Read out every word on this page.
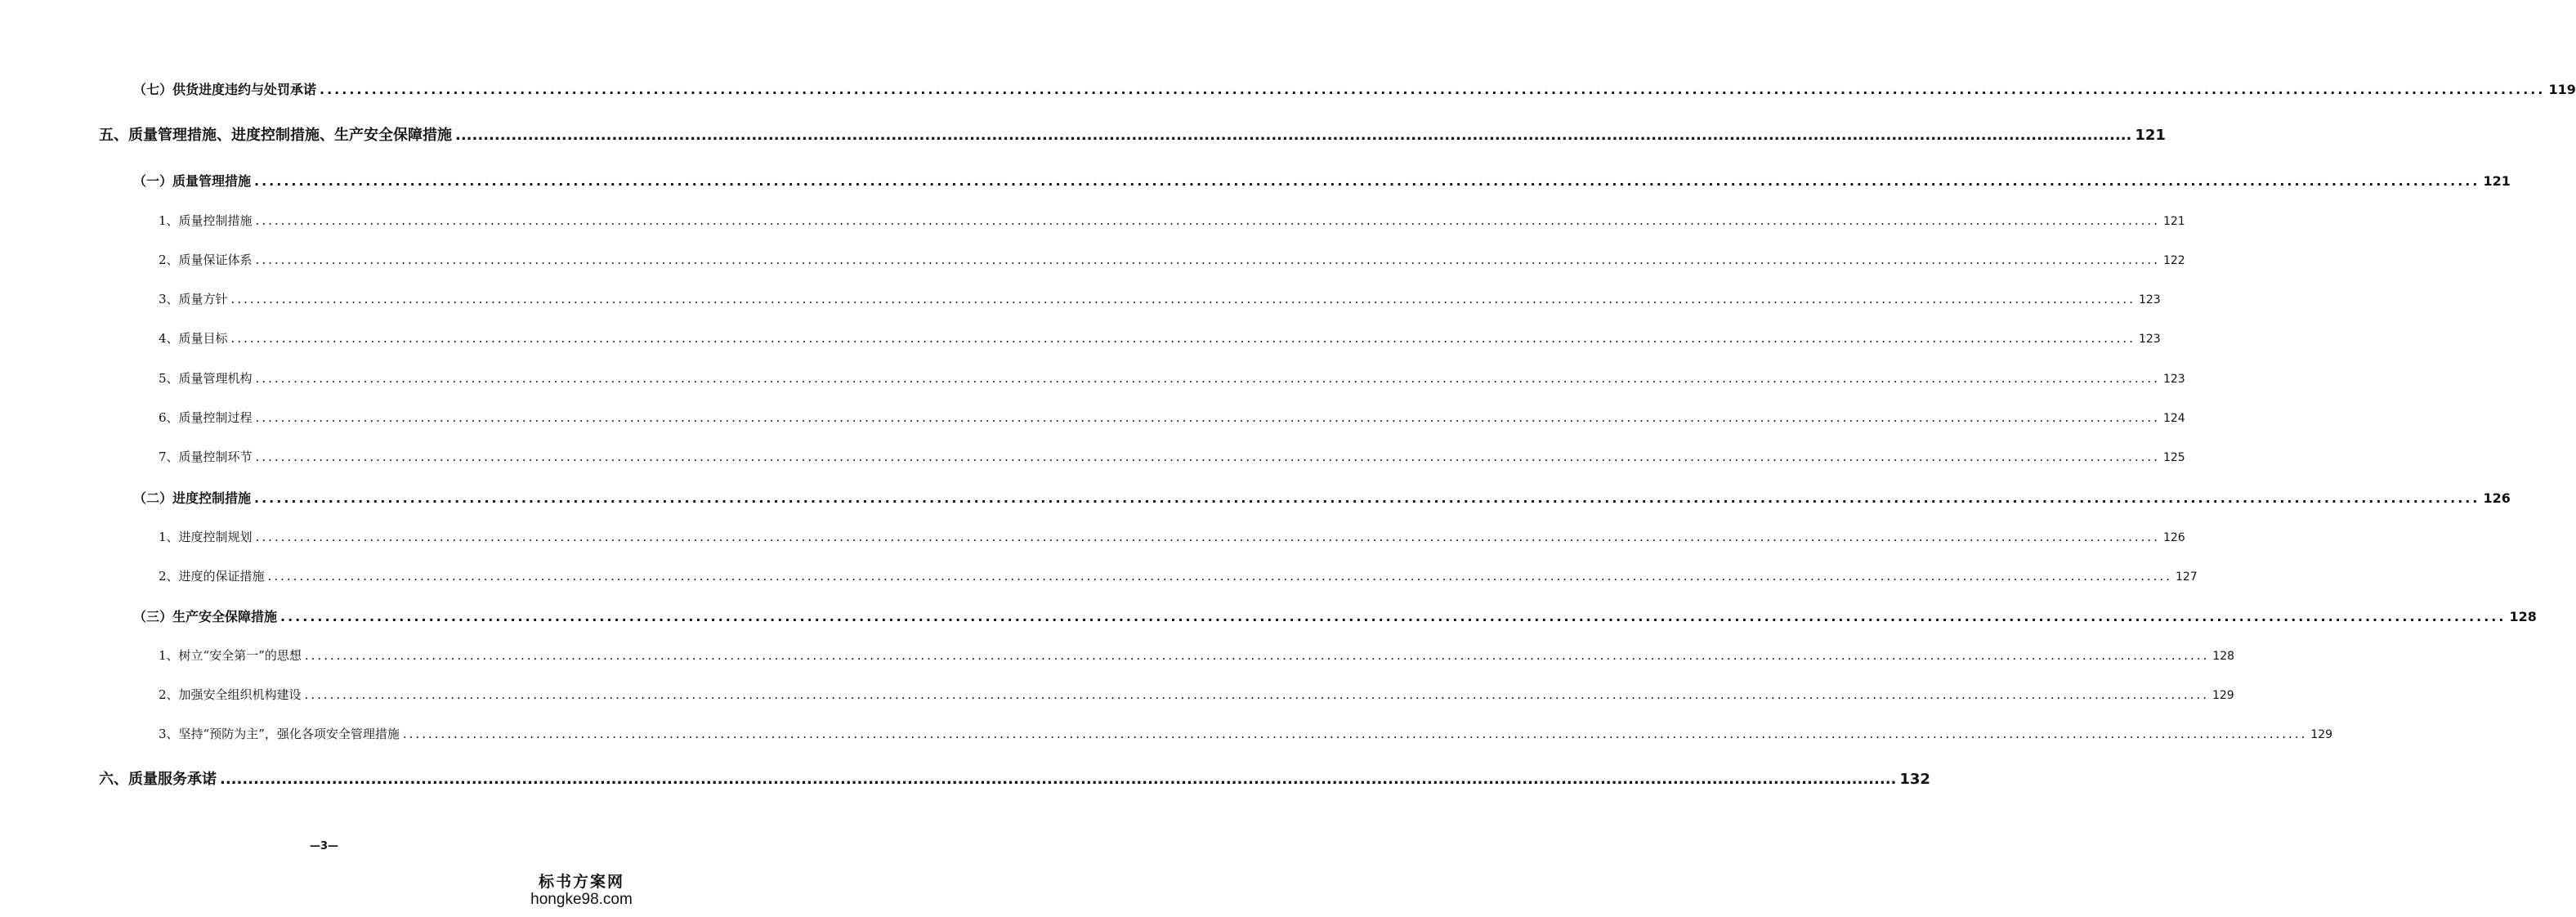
（七）供货进度违约与处罚承诺 ............................................................................................................................................................................................................................................................................................................ 119
五、质量管理措施、进度控制措施、生产安全保障措施 ............................................................................................................................................................................................................................................................................................................ 121
（一）质量管理措施 ............................................................................................................................................................................................................................................................................................................ 121
1、质量控制措施 ............................................................................................................................................................................................................................................................................................................ 121
2、质量保证体系 ............................................................................................................................................................................................................................................................................................................ 122
3、质量方针 ............................................................................................................................................................................................................................................................................................................ 123
4、质量目标 ............................................................................................................................................................................................................................................................................................................ 123
5、质量管理机构 ............................................................................................................................................................................................................................................................................................................ 123
6、质量控制过程 ............................................................................................................................................................................................................................................................................................................ 124
7、质量控制环节 ............................................................................................................................................................................................................................................................................................................ 125
（二）进度控制措施 ............................................................................................................................................................................................................................................................................................................ 126
1、进度控制规划 ............................................................................................................................................................................................................................................................................................................ 126
2、进度的保证措施 ............................................................................................................................................................................................................................................................................................................ 127
（三）生产安全保障措施 ............................................................................................................................................................................................................................................................................................................ 128
1、树立“安全第一”的思想 ............................................................................................................................................................................................................................................................................................................ 128
2、加强安全组织机构建设 ............................................................................................................................................................................................................................................................................................................ 129
3、坚持“预防为主”，强化各项安全管理措施 ............................................................................................................................................................................................................................................................................................................ 129
六、质量服务承诺 ............................................................................................................................................................................................................................................................................................................ 132
—3—
标书方案网
hongke98.com
